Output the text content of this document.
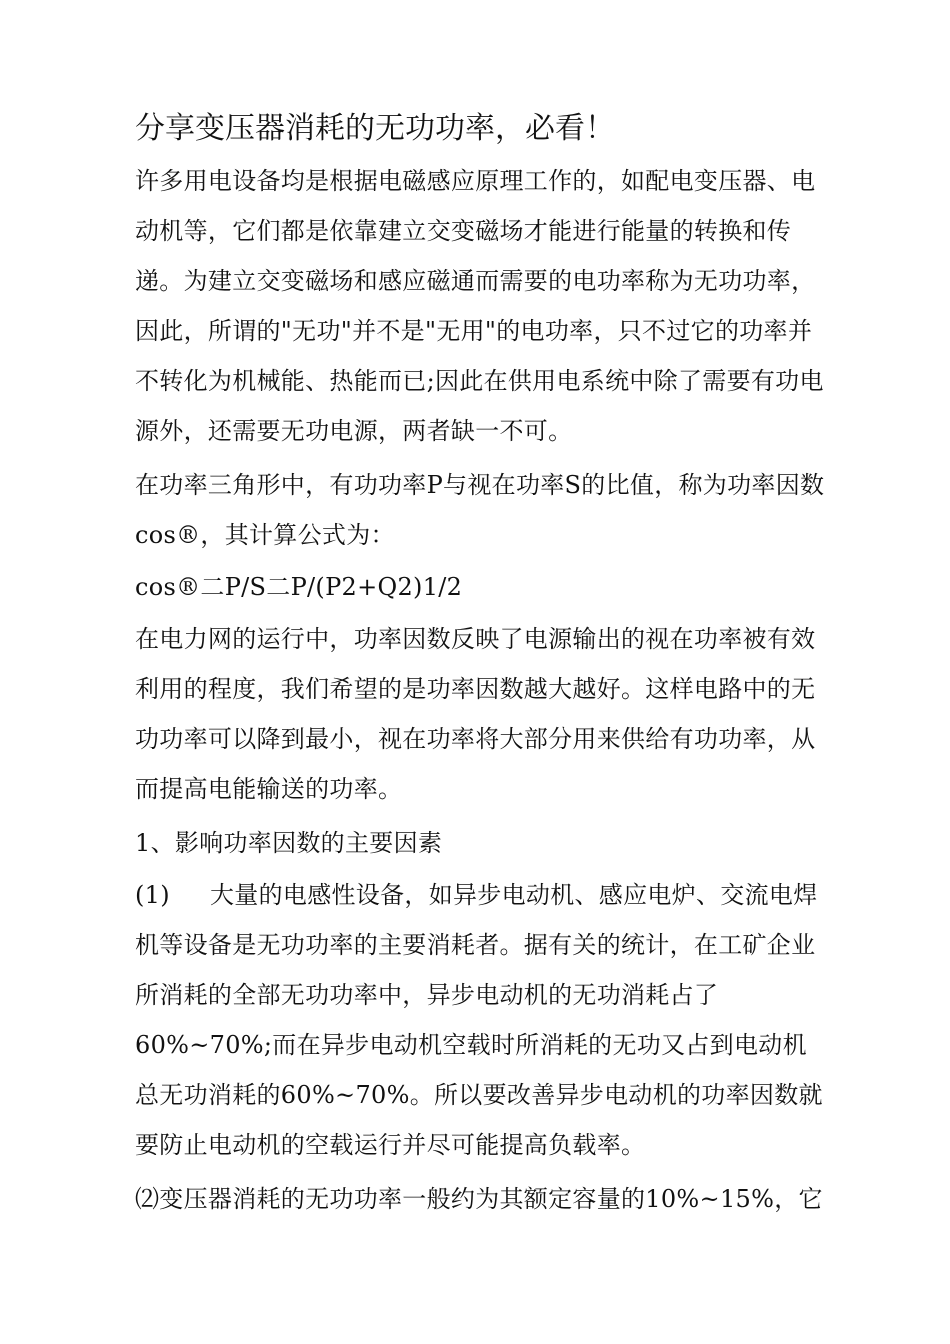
分享变压器消耗的无功功率，必看！

许多用电设备均是根据电磁感应原理工作的，如配电变压器、电动机等，它们都是依靠建立交变磁场才能进行能量的转换和传递。为建立交变磁场和感应磁通而需要的电功率称为无功功率，因此，所谓的"无功"并不是"无用"的电功率，只不过它的功率并不转化为机械能、热能而已;因此在供用电系统中除了需要有功电源外，还需要无功电源，两者缺一不可。

在功率三角形中，有功功率P与视在功率S的比值，称为功率因数cos®，其计算公式为：

cos®二P/S二P/(P2+Q2)1/2

在电力网的运行中，功率因数反映了电源输出的视在功率被有效利用的程度，我们希望的是功率因数越大越好。这样电路中的无功功率可以降到最小，视在功率将大部分用来供给有功功率，从而提高电能输送的功率。

1、影响功率因数的主要因素

(1) 大量的电感性设备，如异步电动机、感应电炉、交流电焊机等设备是无功功率的主要消耗者。据有关的统计，在工矿企业所消耗的全部无功功率中，异步电动机的无功消耗占了60%~70%;而在异步电动机空载时所消耗的无功又占到电动机总无功消耗的60%~70%。所以要改善异步电动机的功率因数就要防止电动机的空载运行并尽可能提高负载率。

⑵变压器消耗的无功功率一般约为其额定容量的10%~15%，它
